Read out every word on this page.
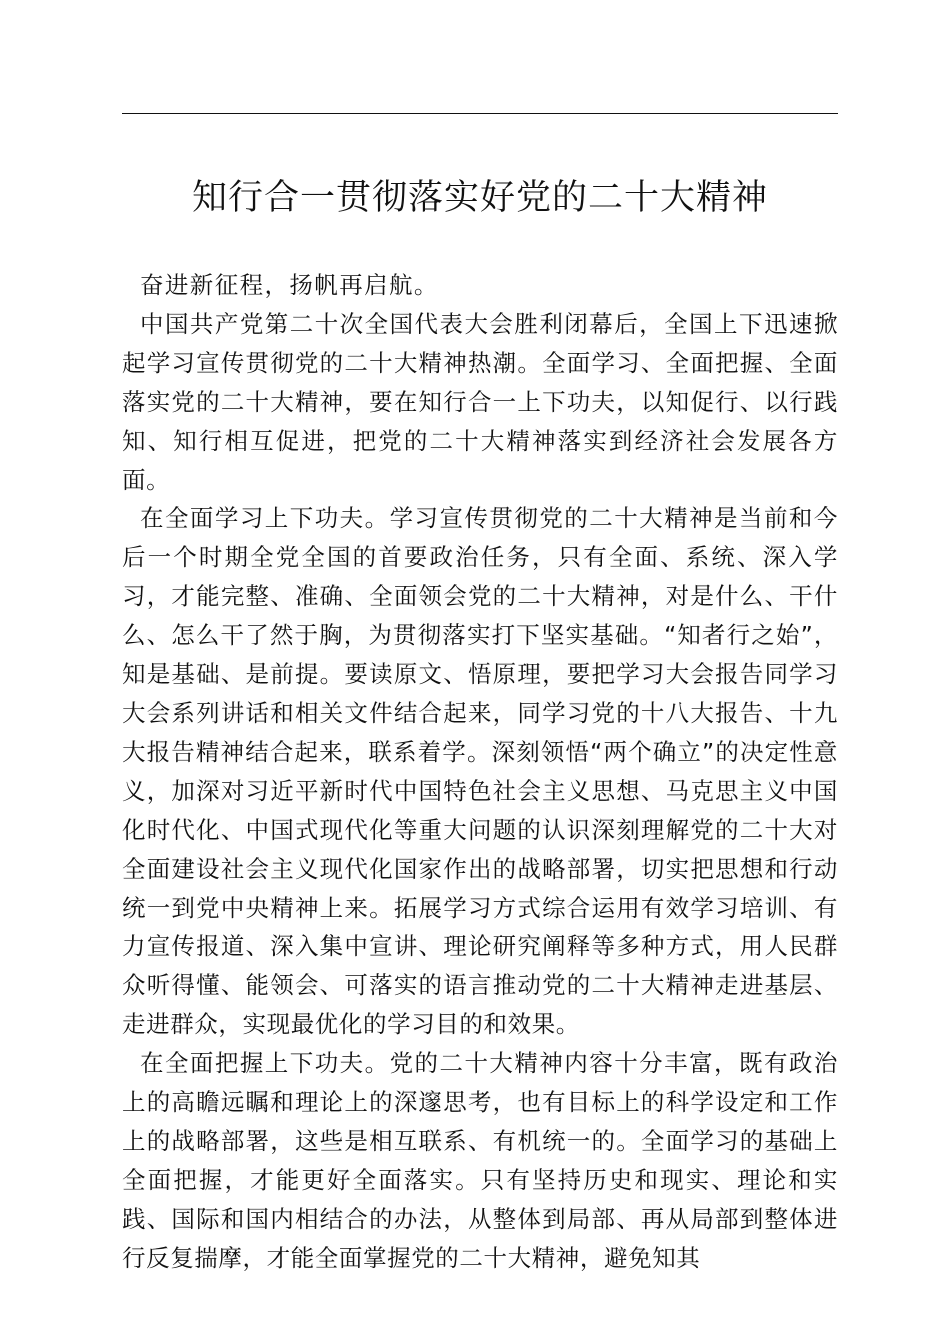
知行合一贯彻落实好党的二十大精神

奋进新征程，扬帆再启航。

中国共产党第二十次全国代表大会胜利闭幕后，全国上下迅速掀起学习宣传贯彻党的二十大精神热潮。全面学习、全面把握、全面落实党的二十大精神，要在知行合一上下功夫，以知促行、以行践知、知行相互促进，把党的二十大精神落实到经济社会发展各方面。

在全面学习上下功夫。学习宣传贯彻党的二十大精神是当前和今后一个时期全党全国的首要政治任务，只有全面、系统、深入学习，才能完整、准确、全面领会党的二十大精神，对是什么、干什么、怎么干了然于胸，为贯彻落实打下坚实基础。“知者行之始”，知是基础、是前提。要读原文、悟原理，要把学习大会报告同学习大会系列讲话和相关文件结合起来，同学习党的十八大报告、十九大报告精神结合起来，联系着学。深刻领悟“两个确立”的决定性意义，加深对习近平新时代中国特色社会主义思想、马克思主义中国化时代化、中国式现代化等重大问题的认识深刻理解党的二十大对全面建设社会主义现代化国家作出的战略部署，切实把思想和行动统一到党中央精神上来。拓展学习方式综合运用有效学习培训、有力宣传报道、深入集中宣讲、理论研究阐释等多种方式，用人民群众听得懂、能领会、可落实的语言推动党的二十大精神走进基层、走进群众，实现最优化的学习目的和效果。

在全面把握上下功夫。党的二十大精神内容十分丰富，既有政治上的高瞻远瞩和理论上的深邃思考，也有目标上的科学设定和工作上的战略部署，这些是相互联系、有机统一的。全面学习的基础上全面把握，才能更好全面落实。只有坚持历史和现实、理论和实践、国际和国内相结合的办法，从整体到局部、再从局部到整体进行反复揣摩，才能全面掌握党的二十大精神，避免知其
